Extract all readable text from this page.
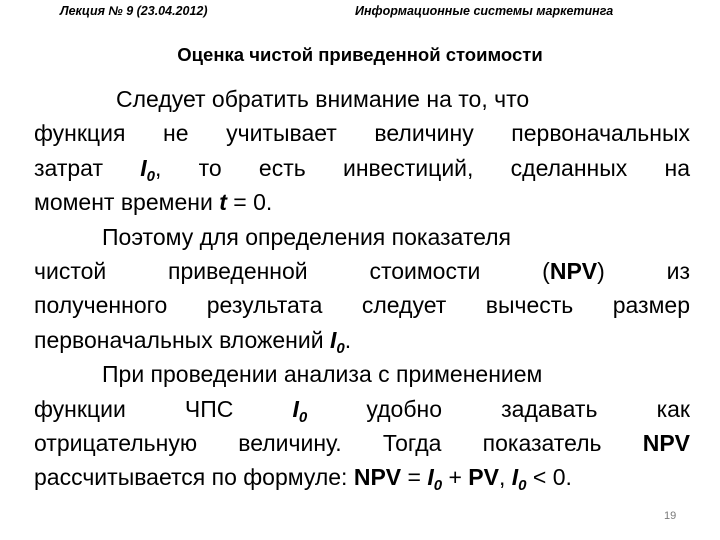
Лекция № 9 (23.04.2012)	Информационные системы маркетинга
Оценка чистой приведенной стоимости
Следует обратить внимание на то, что
функция не учитывает величину первоначальных
затрат $I_0$, то есть инвестиций, сделанных на
момент времени t = 0.
Поэтому для определения показателя
чистой приведенной стоимости (NPV) из
полученного результата следует вычесть размер
первоначальных вложений $I_0$.
При проведении анализа с применением
функции ЧПС	$I_0$	удобно задавать как
отрицательную величину. Тогда показатель NPV
рассчитывается по формуле: NPV = $I_0$ + PV, $I_0 < 0$.
19
